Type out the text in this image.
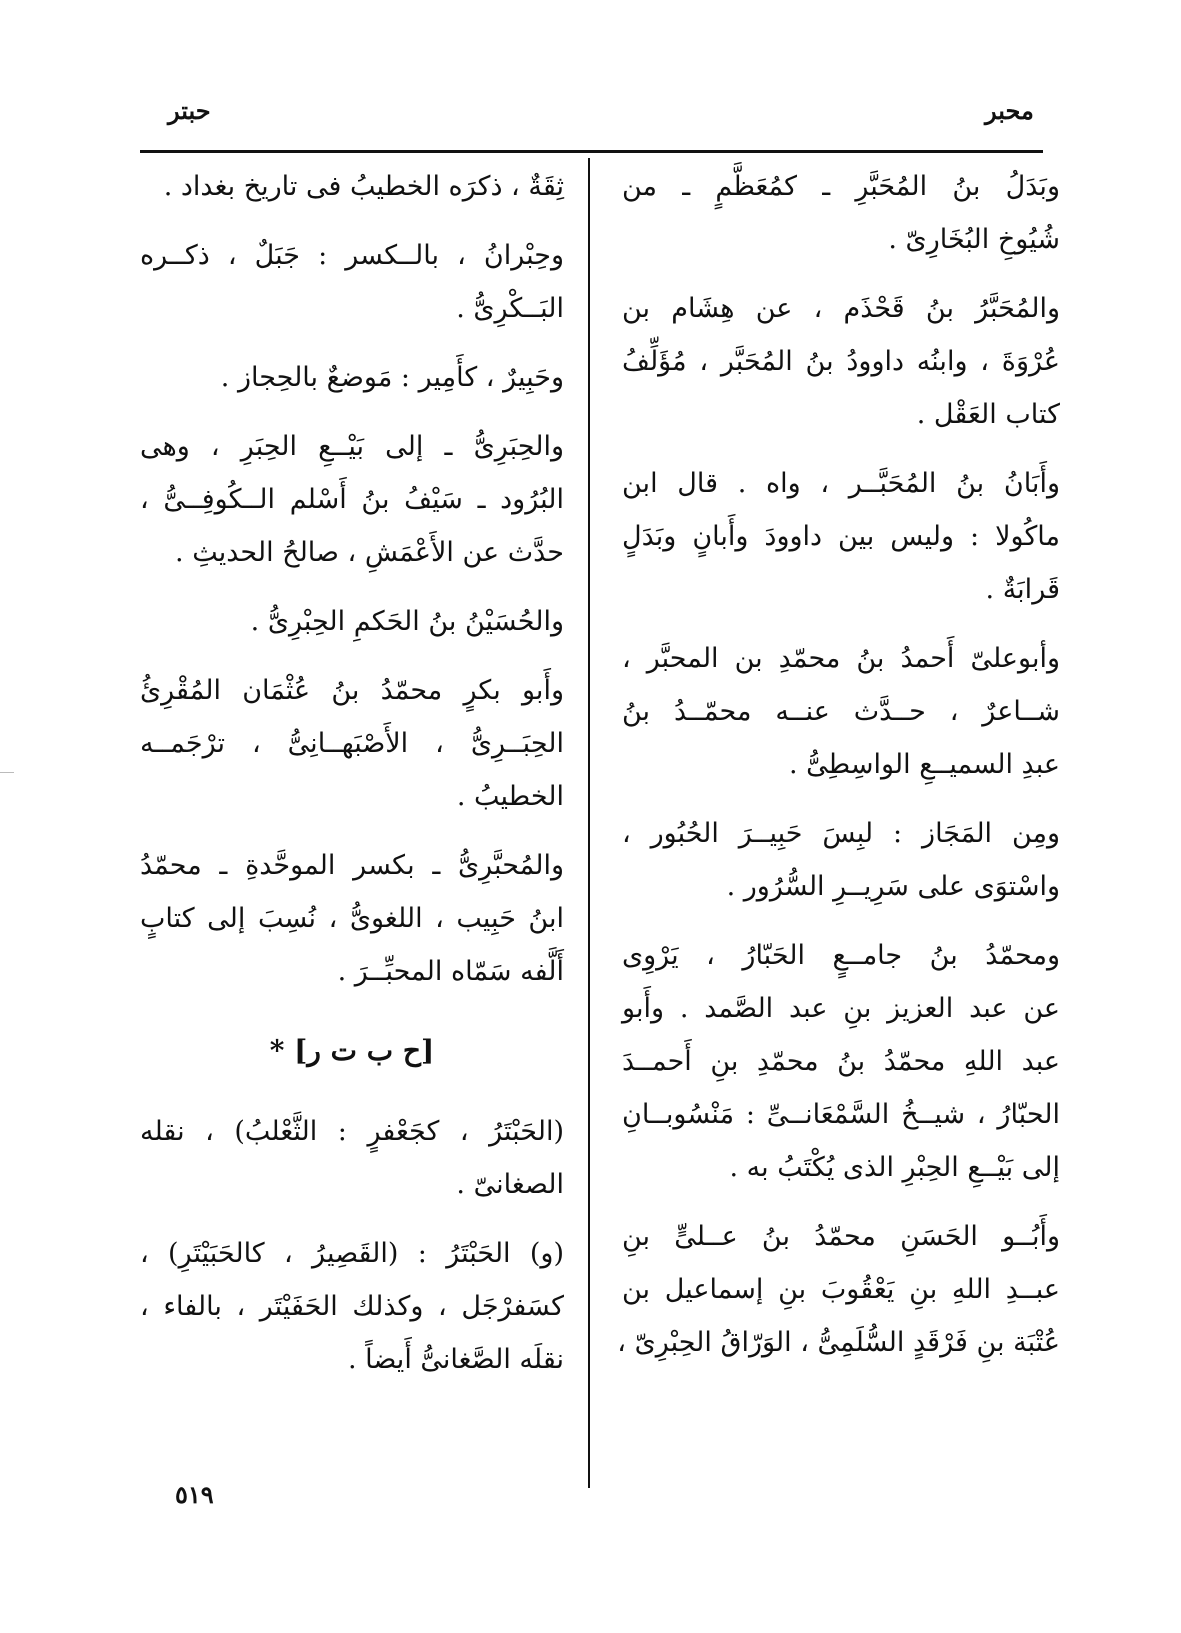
حبتر	محبر
وبَدَلُ بنُ المُحَبَّرِ ـ كمُعَظَّمٍ ـ من
شُيُوخِ البُخَارِىّ .
والمُحَبَّرُ بنُ قَحْذَم ، عن هِشَام بن
عُرْوَةَ ، وابنُه داوودُ بنُ المُحَبَّر ، مُؤَلِّفُ
كتاب العَقْل .
وأَبَانُ بنُ المُحَبَّــر ، واه . قال ابن
ماكُولا : وليس بين داوودَ وأَبانٍ وبَدَلٍ
قَرابَةٌ .
وأبوعلىّ أَحمدُ بنُ محمّدِ بن المحبَّر ،
شــاعرٌ ، حــدَّث عنــه محمّــدُ بنُ
عبدِ السميــعِ الواسِطِىُّ .
ومِن المَجَاز : لبِسَ حَبِيــرَ الحُبُور ،
واسْتوَى على سَرِيــرِ السُّرُور .
ومحمّدُ بنُ جامــعٍ الحَبّارُ ، يَرْوِى
عن عبد العزيز بنِ عبد الصَّمد . وأَبو
عبد اللهِ محمّدُ بنُ محمّدِ بنِ أَحمــدَ
الحبّارُ ، شيــخُ السَّمْعَانــىِّ : مَنْسُوبــانِ
إلى بَيْــعِ الحِبْرِ الذى يُكْتَبُ به .
وأَبُــو الحَسَنِ محمّدُ بنُ عــلىٍّ بنِ
عبــدِ اللهِ بنِ يَعْقُوبَ بنِ إسماعيل بن
عُتْبَة بنِ فَرْقَدٍ السُّلَمِىُّ ، الوَرّاقُ الحِبْرِىّ ،
ثِقَةٌ ، ذكرَه الخطيبُ فى تاريخ بغداد .
وحِبْرانُ ، بالــكسر : جَبَلٌ ، ذكــره
البَــكْرِىُّ .
وحَبِيرٌ ، كأَمِير : مَوضعٌ بالحِجاز .
والحِبَرِىُّ ـ إلى بَيْــعِ الحِبَرِ ، وهى
البُرُود ـ سَيْفُ بنُ أَسْلم الــكُوفِــىُّ ،
حدَّث عن الأَعْمَشِ ، صالحُ الحديثِ .
والحُسَيْنُ بنُ الحَكمِ الحِبْرِىُّ .
وأَبو بكرٍ محمّدُ بنُ عُثْمَان المُقْرِئُ
الحِبَــرِىُّ ، الأَصْبَهــانِىُّ ، ترْجَمــه
الخطيبُ .
والمُحبَّرِىُّ ـ بكسر الموحَّدةِ ـ محمّدُ
ابنُ حَبِيب ، اللغوىُّ ، نُسِبَ إلى كتابٍ
أَلَّفه سَمّاه المحبِّــرَ .
[ح ب ت ر] *
(الحَبْتَرُ ، كجَعْفرٍ : الثَّعْلبُ) ، نقله
الصغانىّ .
(و) الحَبْتَرُ : (القَصِيرُ ، كالحَبَيْتَرِ) ،
كسَفرْجَل ، وكذلك الحَفَيْتَر ، بالفاء ،
نقلَه الصَّغانىُّ أَيضاً .
٥١٩
